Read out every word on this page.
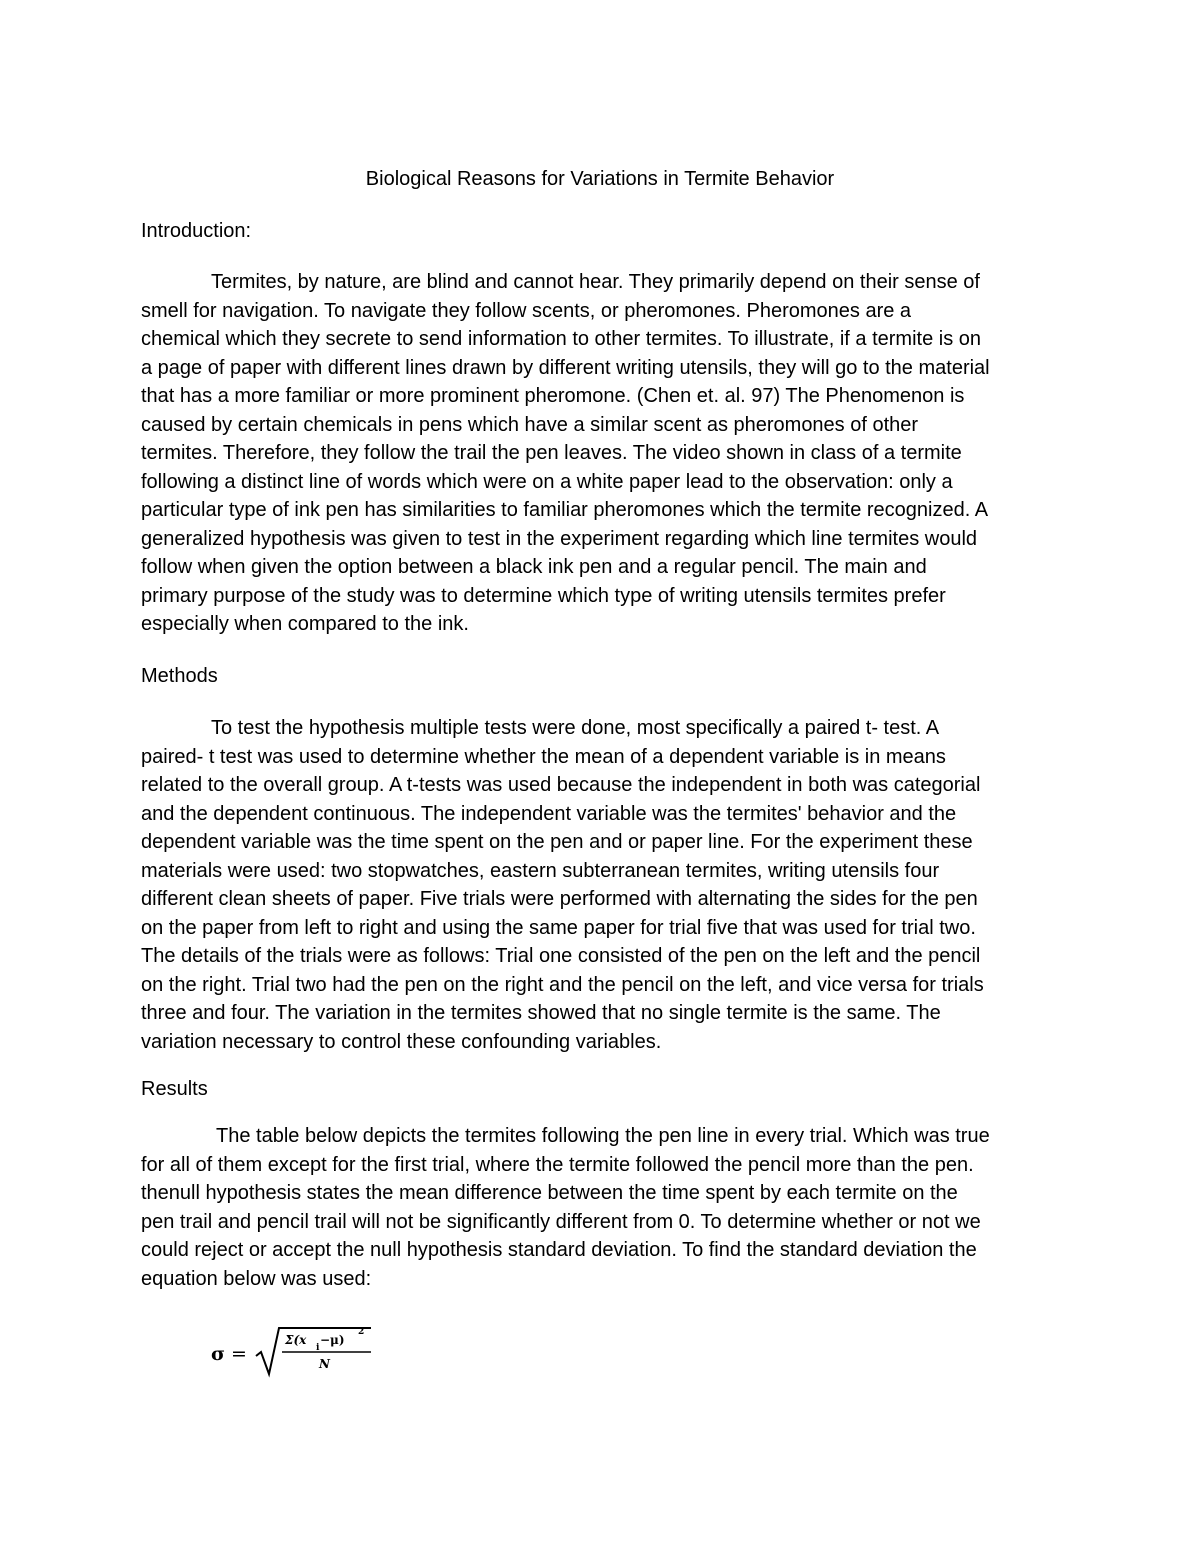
Biological Reasons for Variations in Termite Behavior
Introduction:
Termites, by nature, are blind and cannot hear. They primarily depend on their sense of
smell for navigation. To navigate they follow scents, or pheromones. Pheromones are a
chemical which they secrete to send information to other termites. To illustrate, if a termite is on
a page of paper with different lines drawn by different writing utensils, they will go to the material
that has a more familiar or more prominent pheromone. (Chen et. al. 97) The Phenomenon is
caused by certain chemicals in pens which have a similar scent as pheromones of other
termites. Therefore, they follow the trail the pen leaves. The video shown in class of a termite
following a distinct line of words which were on a white paper lead to the observation: only a
particular type of ink pen has similarities to familiar pheromones which the termite recognized. A
generalized hypothesis was given to test in the experiment regarding which line termites would
follow when given the option between a black ink pen and a regular pencil. The main and
primary purpose of the study was to determine which type of writing utensils termites prefer
especially when compared to the ink.
Methods
To test the hypothesis multiple tests were done, most specifically a paired t- test. A
paired- t test was used to determine whether the mean of a dependent variable is in means
related to the overall group. A t-tests was used because the independent in both was categorial
and the dependent continuous. The independent variable was the termites' behavior and the
dependent variable was the time spent on the pen and or paper line. For the experiment these
materials were used: two stopwatches, eastern subterranean termites, writing utensils four
different clean sheets of paper. Five trials were performed with alternating the sides for the pen
on the paper from left to right and using the same paper for trial five that was used for trial two.
The details of the trials were as follows: Trial one consisted of the pen on the left and the pencil
on the right. Trial two had the pen on the right and the pencil on the left, and vice versa for trials
three and four. The variation in the termites showed that no single termite is the same. The
variation necessary to control these confounding variables.
Results
The table below depicts the termites following the pen line in every trial. Which was true
for all of them except for the first trial, where the termite followed the pencil more than the pen.
thenull hypothesis states the mean difference between the time spent by each termite on the
pen trail and pencil trail will not be significantly different from 0. To determine whether or not we
could reject or accept the null hypothesis standard deviation. To find the standard deviation the
equation below was used:
σ =
Σ(x
i
−μ)
2
N
